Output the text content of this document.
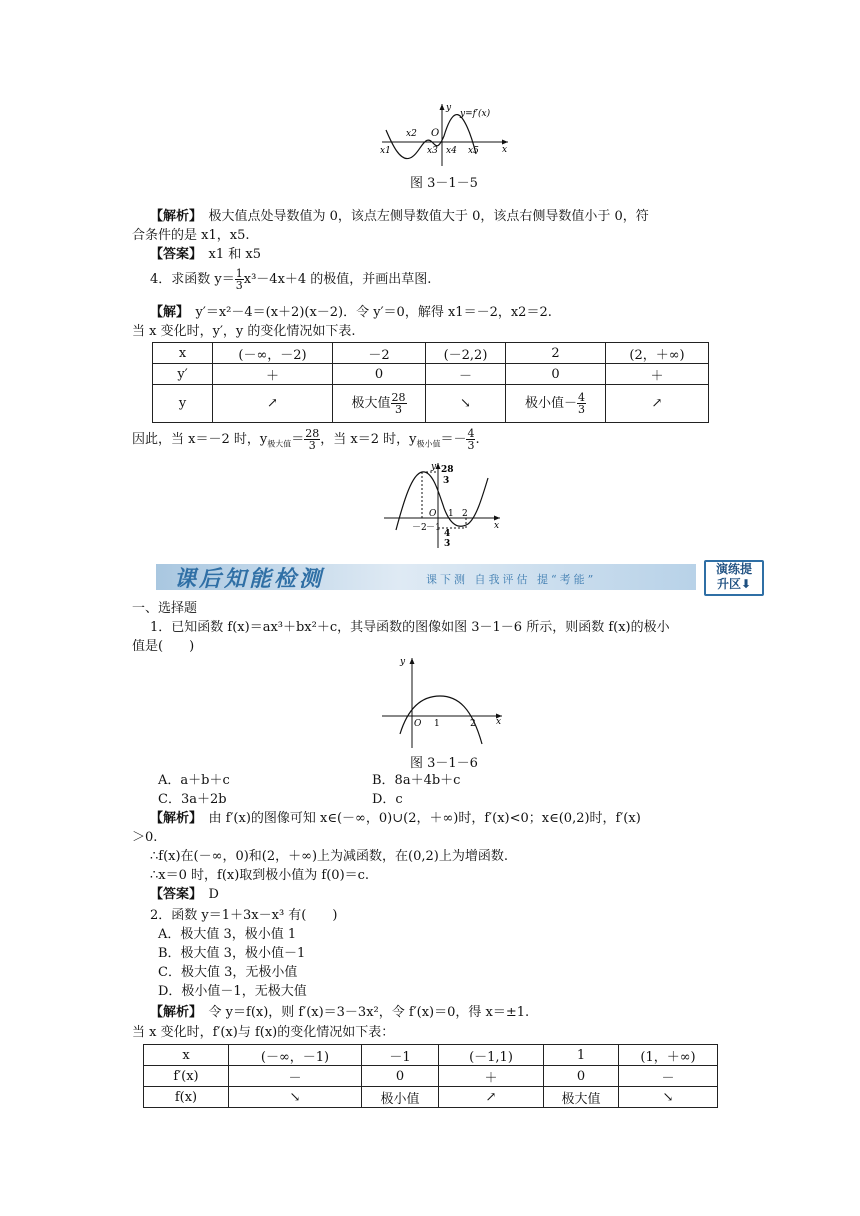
x1
x2 O
x3 x4 x5	x
y
y=f′(x)
图 3－1－5
【解析】　 极大值点处导数值为 0，该点左侧导数值大于 0，该点右侧导数值小于 0，符
合条件的是 x1，x5.
【答案】　 x1 和 x5
4．求函数 $y= \frac{1}{3} x^3-4x+4$ 的极值，并画出草图.
【解】　 y′＝x²－4＝(x＋2)(x－2)．令 y′＝0，解得 x1＝－2，x2＝2.
当 x 变化时，y′，y 的变化情况如下表.
x	(－∞，－2)	－2	(－2,2)	2	(2，＋∞)
y′	＋	0	－	0	＋
y	↗	极大值 $\frac{28}{3}$	↘	极小值－ $\frac{4}{3}$	↗
因此，当 x＝－2 时，$y_{极大值}= \frac{28}{3}$ ，当 x＝2 时，$y_{极小值}=- \frac{4}{3}$ .
y 28
3
O 1 2
－2 －1
4
3
x
课后知能检测	课下测 自我评估 提“考能”
演练提
升区⬇
一、选择题
1．已知函数 f(x)＝ax³＋bx²＋c，其导函数的图像如图 3－1－6 所示，则函数 f(x)的极小
值是(　　)
y
O 1	2 x
图 3－1－6
A．a＋b＋c	B．8a＋4b＋c
C．3a＋2b	D．c
【解析】　 由 f′(x)的图像可知 x∈(－∞，0)∪(2，＋∞)时，f′(x)<0；x∈(0,2)时，f′(x)
＞0.
∴f(x)在(－∞，0)和(2，＋∞)上为减函数，在(0,2)上为增函数.
∴x＝0 时，f(x)取到极小值为 f(0)＝c.
【答案】　 D
2．函数 y＝1＋3x－x³ 有(　　)
A．极大值 3，极小值 1
B．极大值 3，极小值－1
C．极大值 3，无极小值
D．极小值－1，无极大值
【解析】　 令 y＝f(x)，则 f′(x)＝3－3x²，令 f′(x)＝0，得 x＝±1.
当 x 变化时，f′(x)与 f(x)的变化情况如下表：
x	(－∞，－1)	－1	(－1,1)	1	(1，＋∞)
f′(x)	－	0	＋	0	－
f(x)	↘	极小值	↗	极大值	↘
